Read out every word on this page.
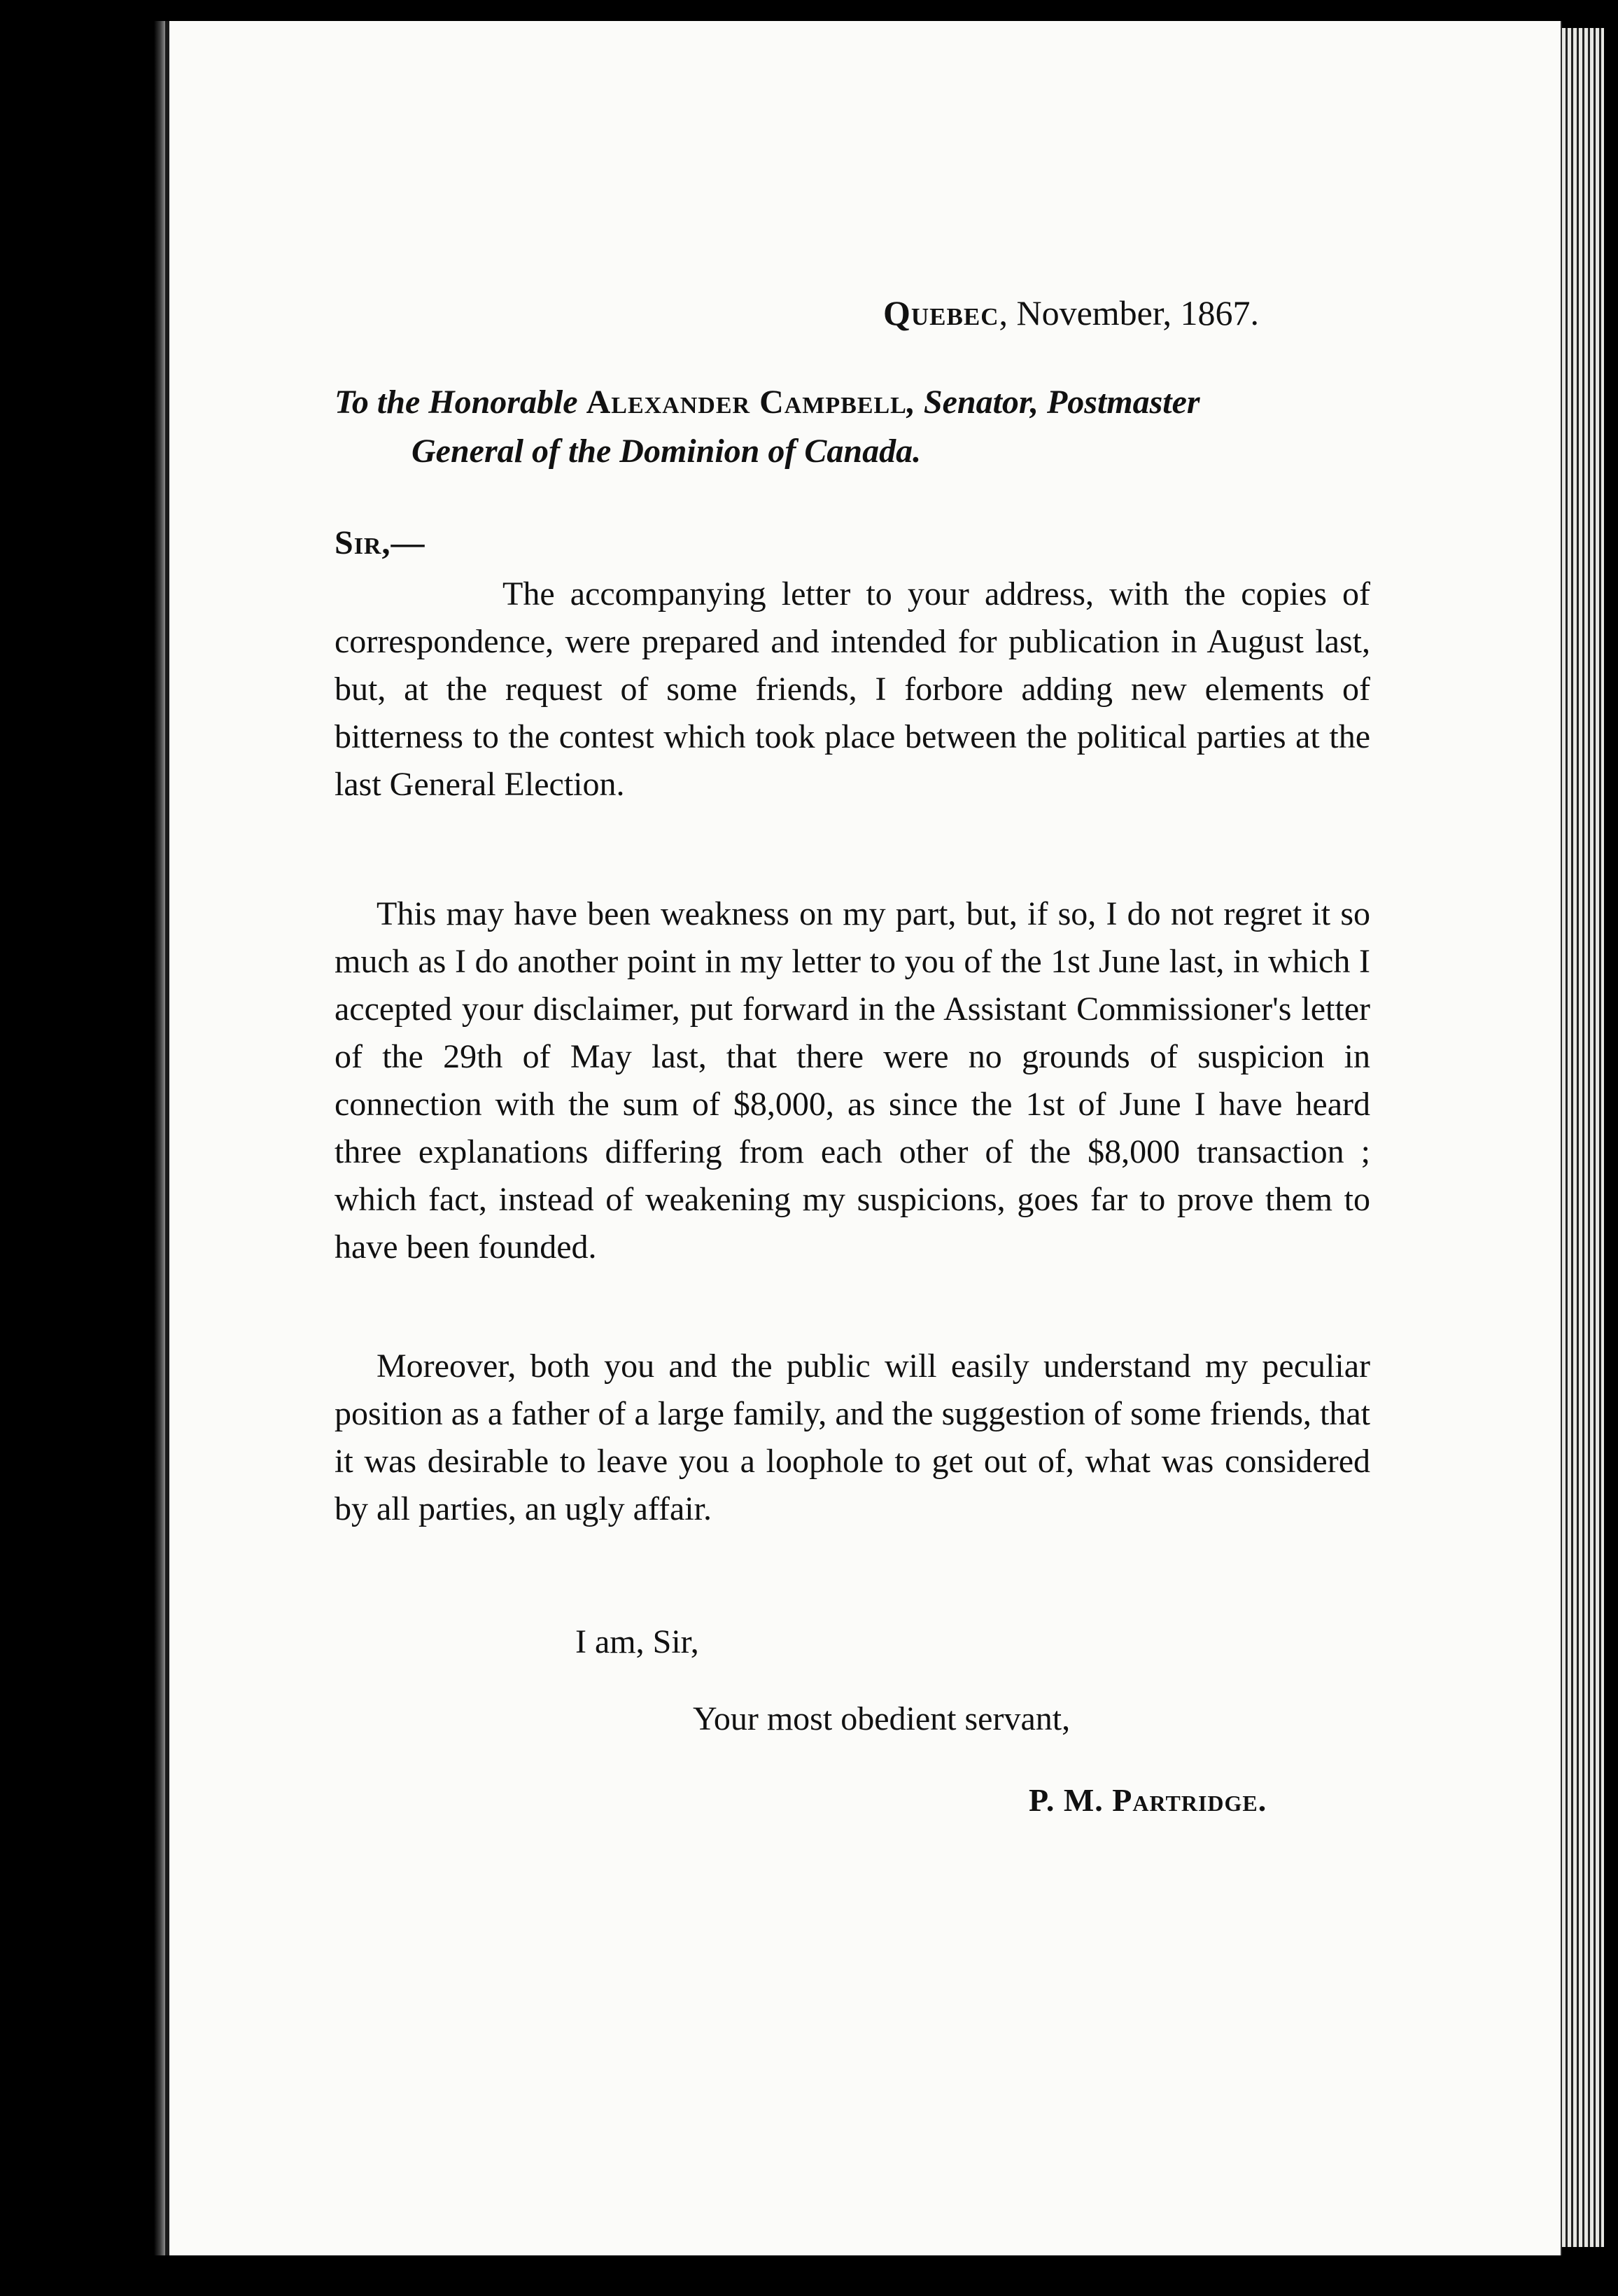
Quebec, November, 1867.
To the Honorable Alexander Campbell, Senator, Postmaster
General of the Dominion of Canada.
Sir,—

The accompanying letter to your address, with the copies of correspondence, were prepared and intended for publication in August last, but, at the request of some friends, I forbore adding new elements of bitterness to the contest which took place between the political parties at the last General Election.

This may have been weakness on my part, but, if so, I do not regret it so much as I do another point in my letter to you of the 1st June last, in which I accepted your disclaimer, put forward in the Assistant Commissioner's letter of the 29th of May last, that there were no grounds of suspicion in connection with the sum of $8,000, as since the 1st of June I have heard three explanations differing from each other of the $8,000 transaction ; which fact, instead of weakening my suspicions, goes far to prove them to have been founded.

Moreover, both you and the public will easily understand my peculiar position as a father of a large family, and the suggestion of some friends, that it was desirable to leave you a loophole to get out of, what was considered by all parties, an ugly affair.

I am, Sir,
Your most obedient servant,
P. M. Partridge.
